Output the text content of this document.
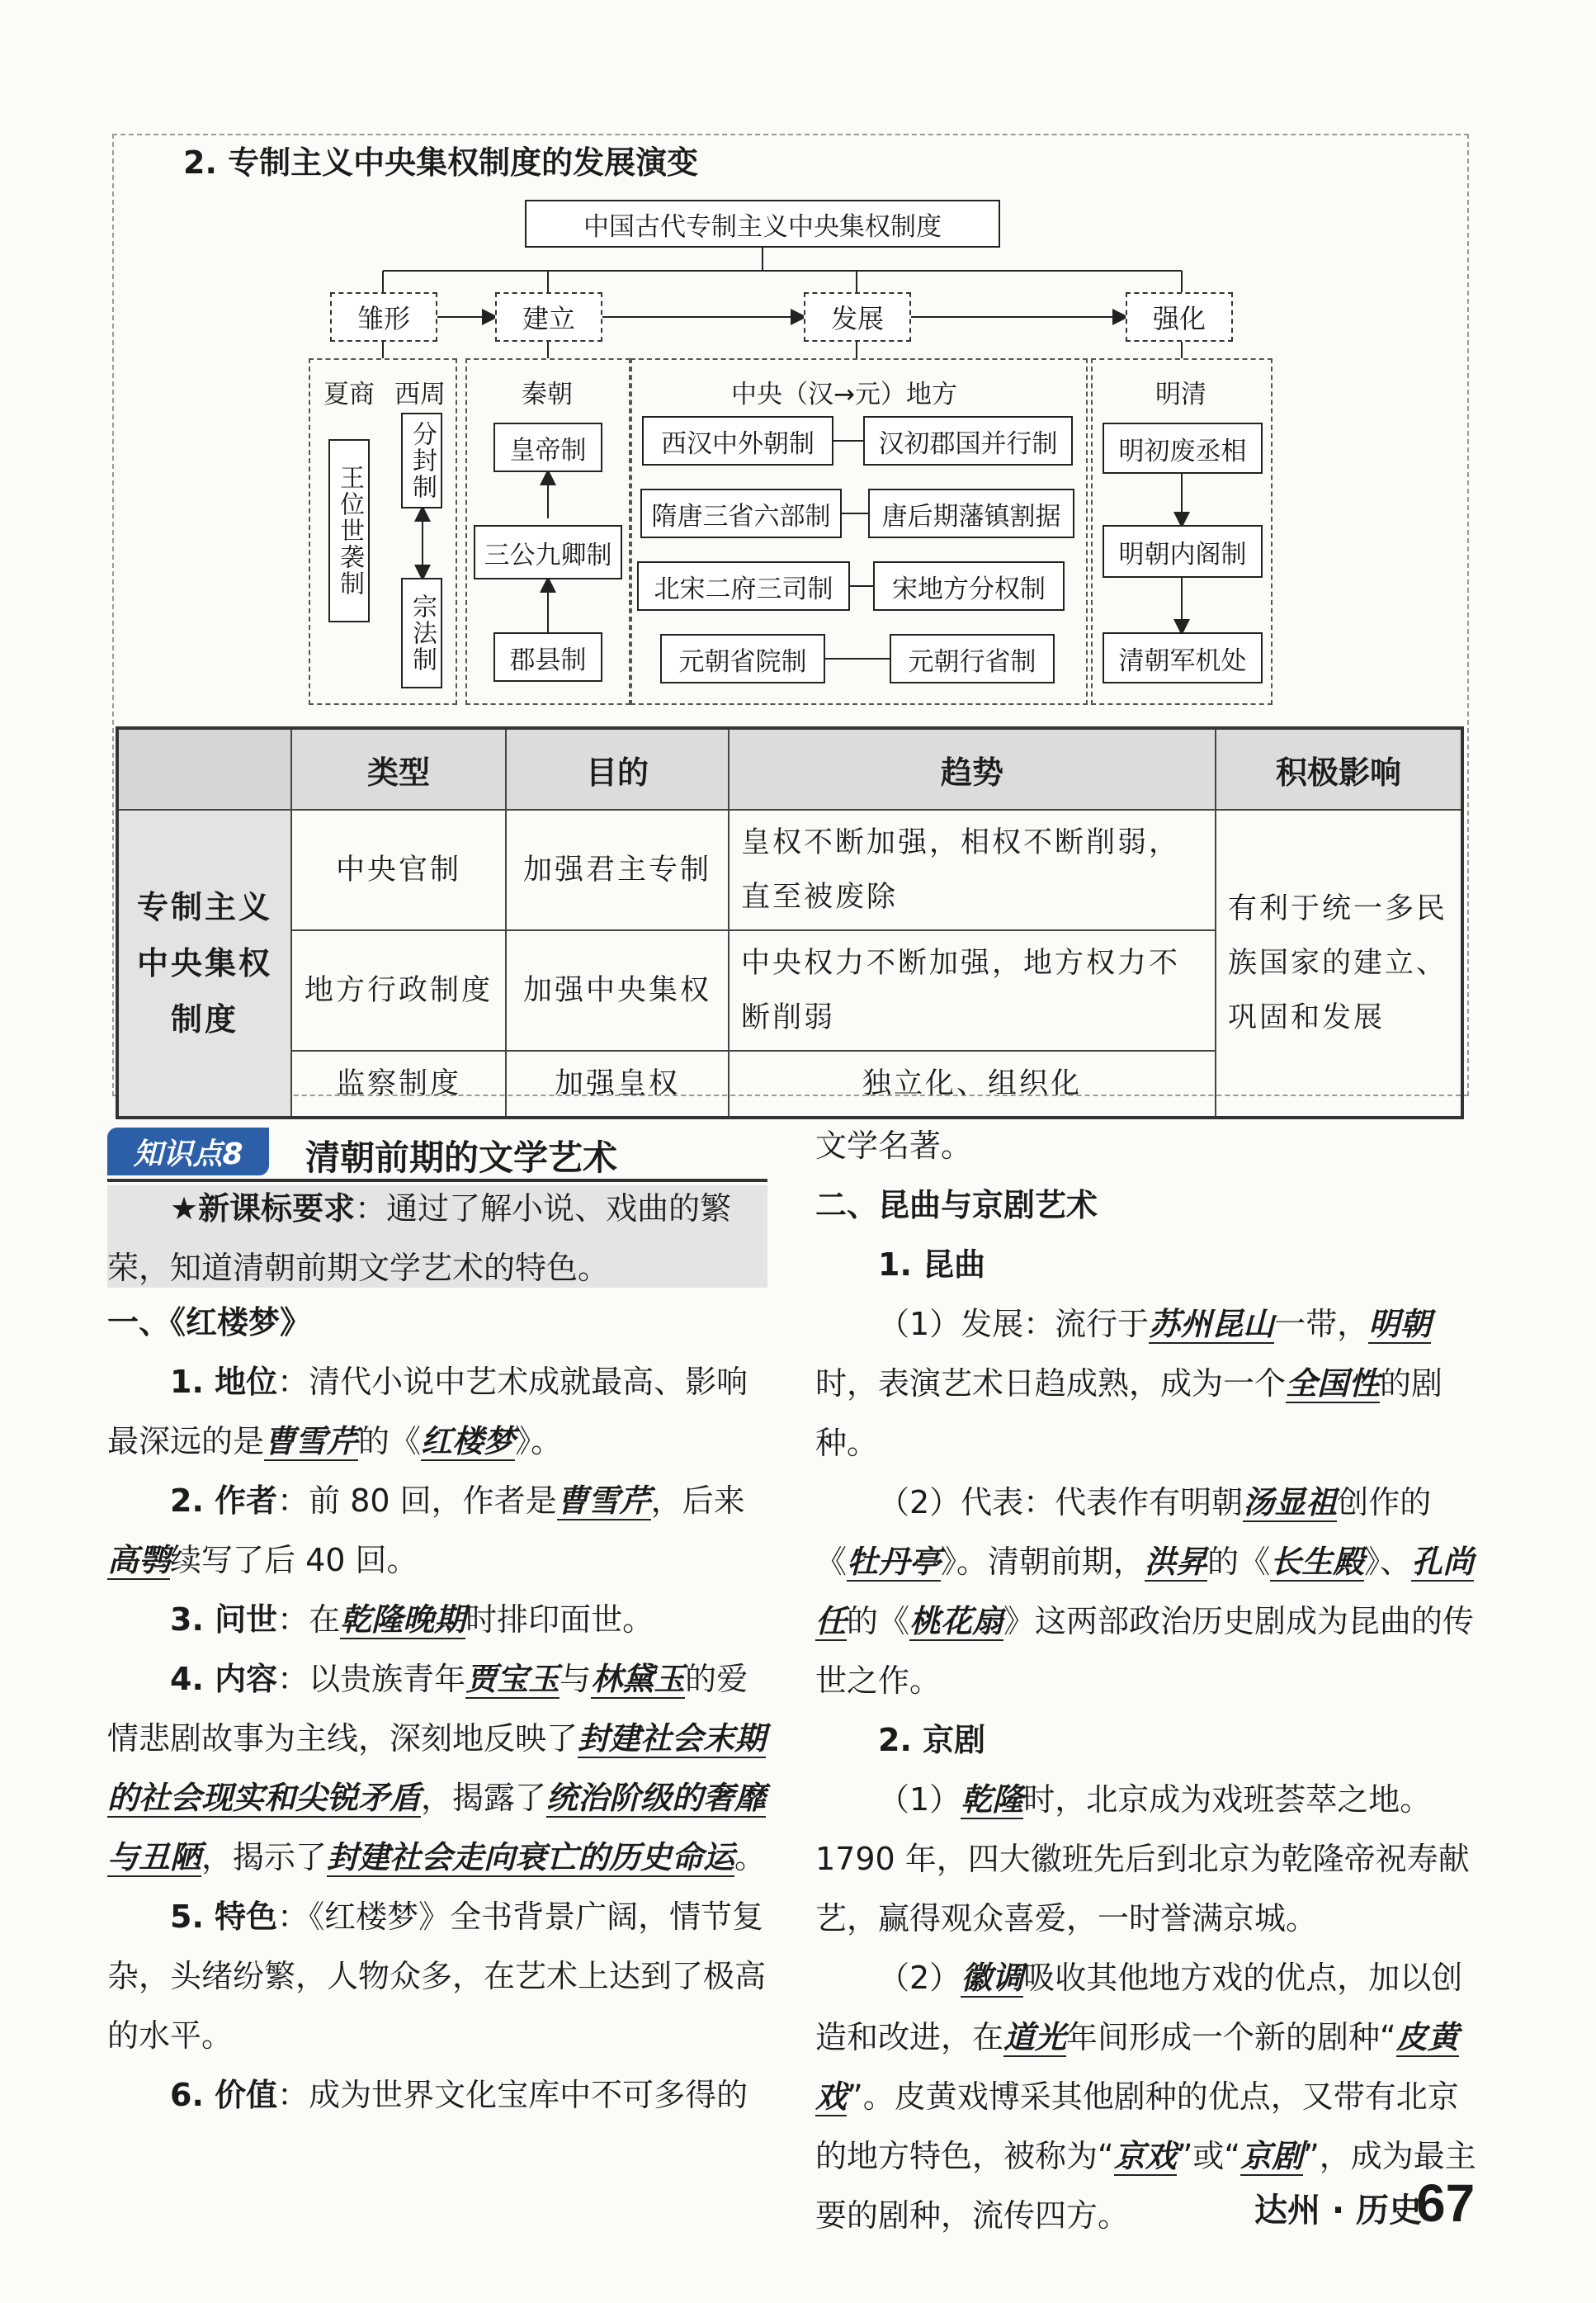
2. 专制主义中央集权制度的发展演变
中国古代专制主义中央集权制度
雏形	建立	发展	强化
夏商 西周
王位世袭制
分封制
宗法制
秦朝
皇帝制
三公九卿制
郡县制
中央（汉→元）地方
西汉中外朝制	汉初郡国并行制
隋唐三省六部制	唐后期藩镇割据
北宋二府三司制	宋地方分权制
元朝省院制	元朝行省制
明清
明初废丞相
明朝内阁制
清朝军机处
	类型	目的	趋势	积极影响

专制主义
中央集权
制度	中央官制	加强君主专制	皇权不断加强，相权不断削弱，直至被废除	有利于统一多民族国家的建立、巩固和发展
	地方行政制度	加强中央集权	中央权力不断加强，地方权力不断削弱	
	监察制度	加强皇权	独立化、组织化	
知识点8	清朝前期的文学艺术

★新课标要求：通过了解小说、戏曲的繁荣，知道清朝前期文学艺术的特色。

一、《红楼梦》

1. 地位：清代小说中艺术成就最高、影响最深远的是曹雪芹的《红楼梦》。

2. 作者：前 80 回，作者是曹雪芹，后来高鹗续写了后 40 回。

3. 问世：在乾隆晚期时排印面世。

4. 内容：以贵族青年贾宝玉与林黛玉的爱情悲剧故事为主线，深刻地反映了封建社会末期的社会现实和尖锐矛盾，揭露了统治阶级的奢靡与丑陋，揭示了封建社会走向衰亡的历史命运。

5. 特色：《红楼梦》全书背景广阔，情节复杂，头绪纷繁，人物众多，在艺术上达到了极高的水平。

6. 价值：成为世界文化宝库中不可多得的

文学名著。

二、昆曲与京剧艺术

1. 昆曲

（1）发展：流行于苏州昆山一带，明朝时，表演艺术日趋成熟，成为一个全国性的剧种。

（2）代表：代表作有明朝汤显祖创作的《牡丹亭》。清朝前期，洪昇的《长生殿》、孔尚任的《桃花扇》这两部政治历史剧成为昆曲的传世之作。

2. 京剧

（1）乾隆时，北京成为戏班荟萃之地。1790 年，四大徽班先后到北京为乾隆帝祝寿献艺，赢得观众喜爱，一时誉满京城。

（2）徽调吸收其他地方戏的优点，加以创造和改进，在道光年间形成一个新的剧种“皮黄戏”。皮黄戏博采其他剧种的优点，又带有北京的地方特色，被称为“京戏”或“京剧”，成为最主要的剧种，流传四方。	达州 · 历史
67
